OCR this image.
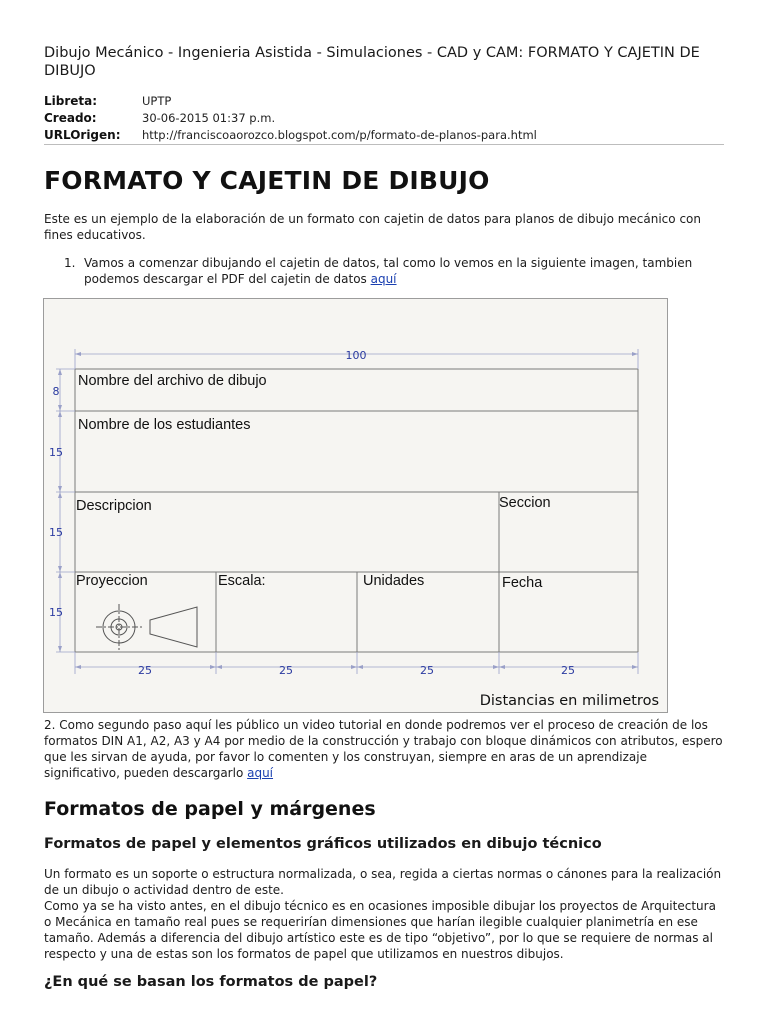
Dibujo Mecánico - Ingenieria Asistida - Simulaciones - CAD y CAM: FORMATO Y CAJETIN DE DIBUJO
Libreta:	UPTP
Creado:	30-06-2015 01:37 p.m.
URLOrigen:	http://franciscoaorozco.blogspot.com/p/formato-de-planos-para.html
FORMATO Y CAJETIN DE DIBUJO
Este es un ejemplo de la elaboración de un formato con cajetin de datos para planos de dibujo mecánico con fines educativos.
1. Vamos a comenzar dibujando el cajetin de datos, tal como lo vemos en la siguiente imagen, tambien podemos descargar el PDF del cajetin de datos aquí
100
8
15
15
15
25	25	25	25
Nombre del archivo de dibujo
Nombre de los estudiantes
Descripcion	Seccion
Proyeccion	Escala:	Unidades	Fecha
Distancias en milimetros
2. Como segundo paso aquí les público un video tutorial en donde podremos ver el proceso de creación de los formatos DIN A1, A2, A3 y A4 por medio de la construcción y trabajo con bloque dinámicos con atributos, espero que les sirvan de ayuda, por favor lo comenten y los construyan, siempre en aras de un aprendizaje significativo, pueden descargarlo aquí
Formatos de papel y márgenes
Formatos de papel y elementos gráficos utilizados en dibujo técnico
Un formato es un soporte o estructura normalizada, o sea, regida a ciertas normas o cánones para la realización de un dibujo o actividad dentro de este.
Como ya se ha visto antes, en el dibujo técnico es en ocasiones imposible dibujar los proyectos de Arquitectura o Mecánica en tamaño real pues se requerirían dimensiones que harían ilegible cualquier planimetría en ese tamaño. Además a diferencia del dibujo artístico este es de tipo “objetivo”, por lo que se requiere de normas al respecto y una de estas son los formatos de papel que utilizamos en nuestros dibujos.
¿En qué se basan los formatos de papel?
